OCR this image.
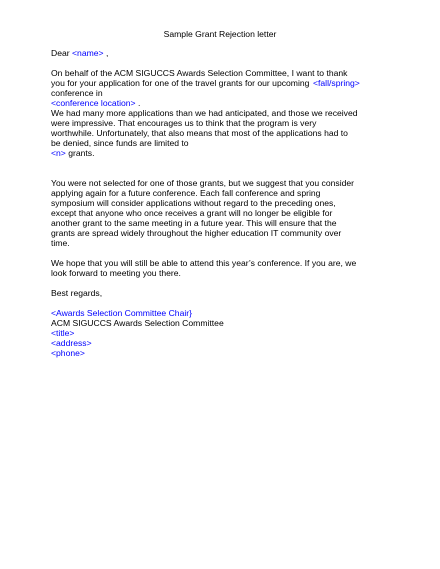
Sample Grant Rejection letter
Dear <name> ,
On behalf of the ACM SIGUCCS Awards Selection Committee, I want to thank
you for your application for one of the travel grants for our upcoming <fall/spring>
conference in
<conference location> .
We had many more applications than we had anticipated, and those we received
were impressive. That encourages us to think that the program is very
worthwhile. Unfortunately, that also means that most of the applications had to
be denied, since funds are limited to
<n> grants.
You were not selected for one of those grants, but we suggest that you consider
applying again for a future conference. Each fall conference and spring
symposium will consider applications without regard to the preceding ones,
except that anyone who once receives a grant will no longer be eligible for
another grant to the same meeting in a future year. This will ensure that the
grants are spread widely throughout the higher education IT community over
time.
We hope that you will still be able to attend this year’s conference. If you are, we
look forward to meeting you there.
Best regards,
<Awards Selection Committee Chair}
ACM SIGUCCS Awards Selection Committee
<title>
<address>
<phone>
